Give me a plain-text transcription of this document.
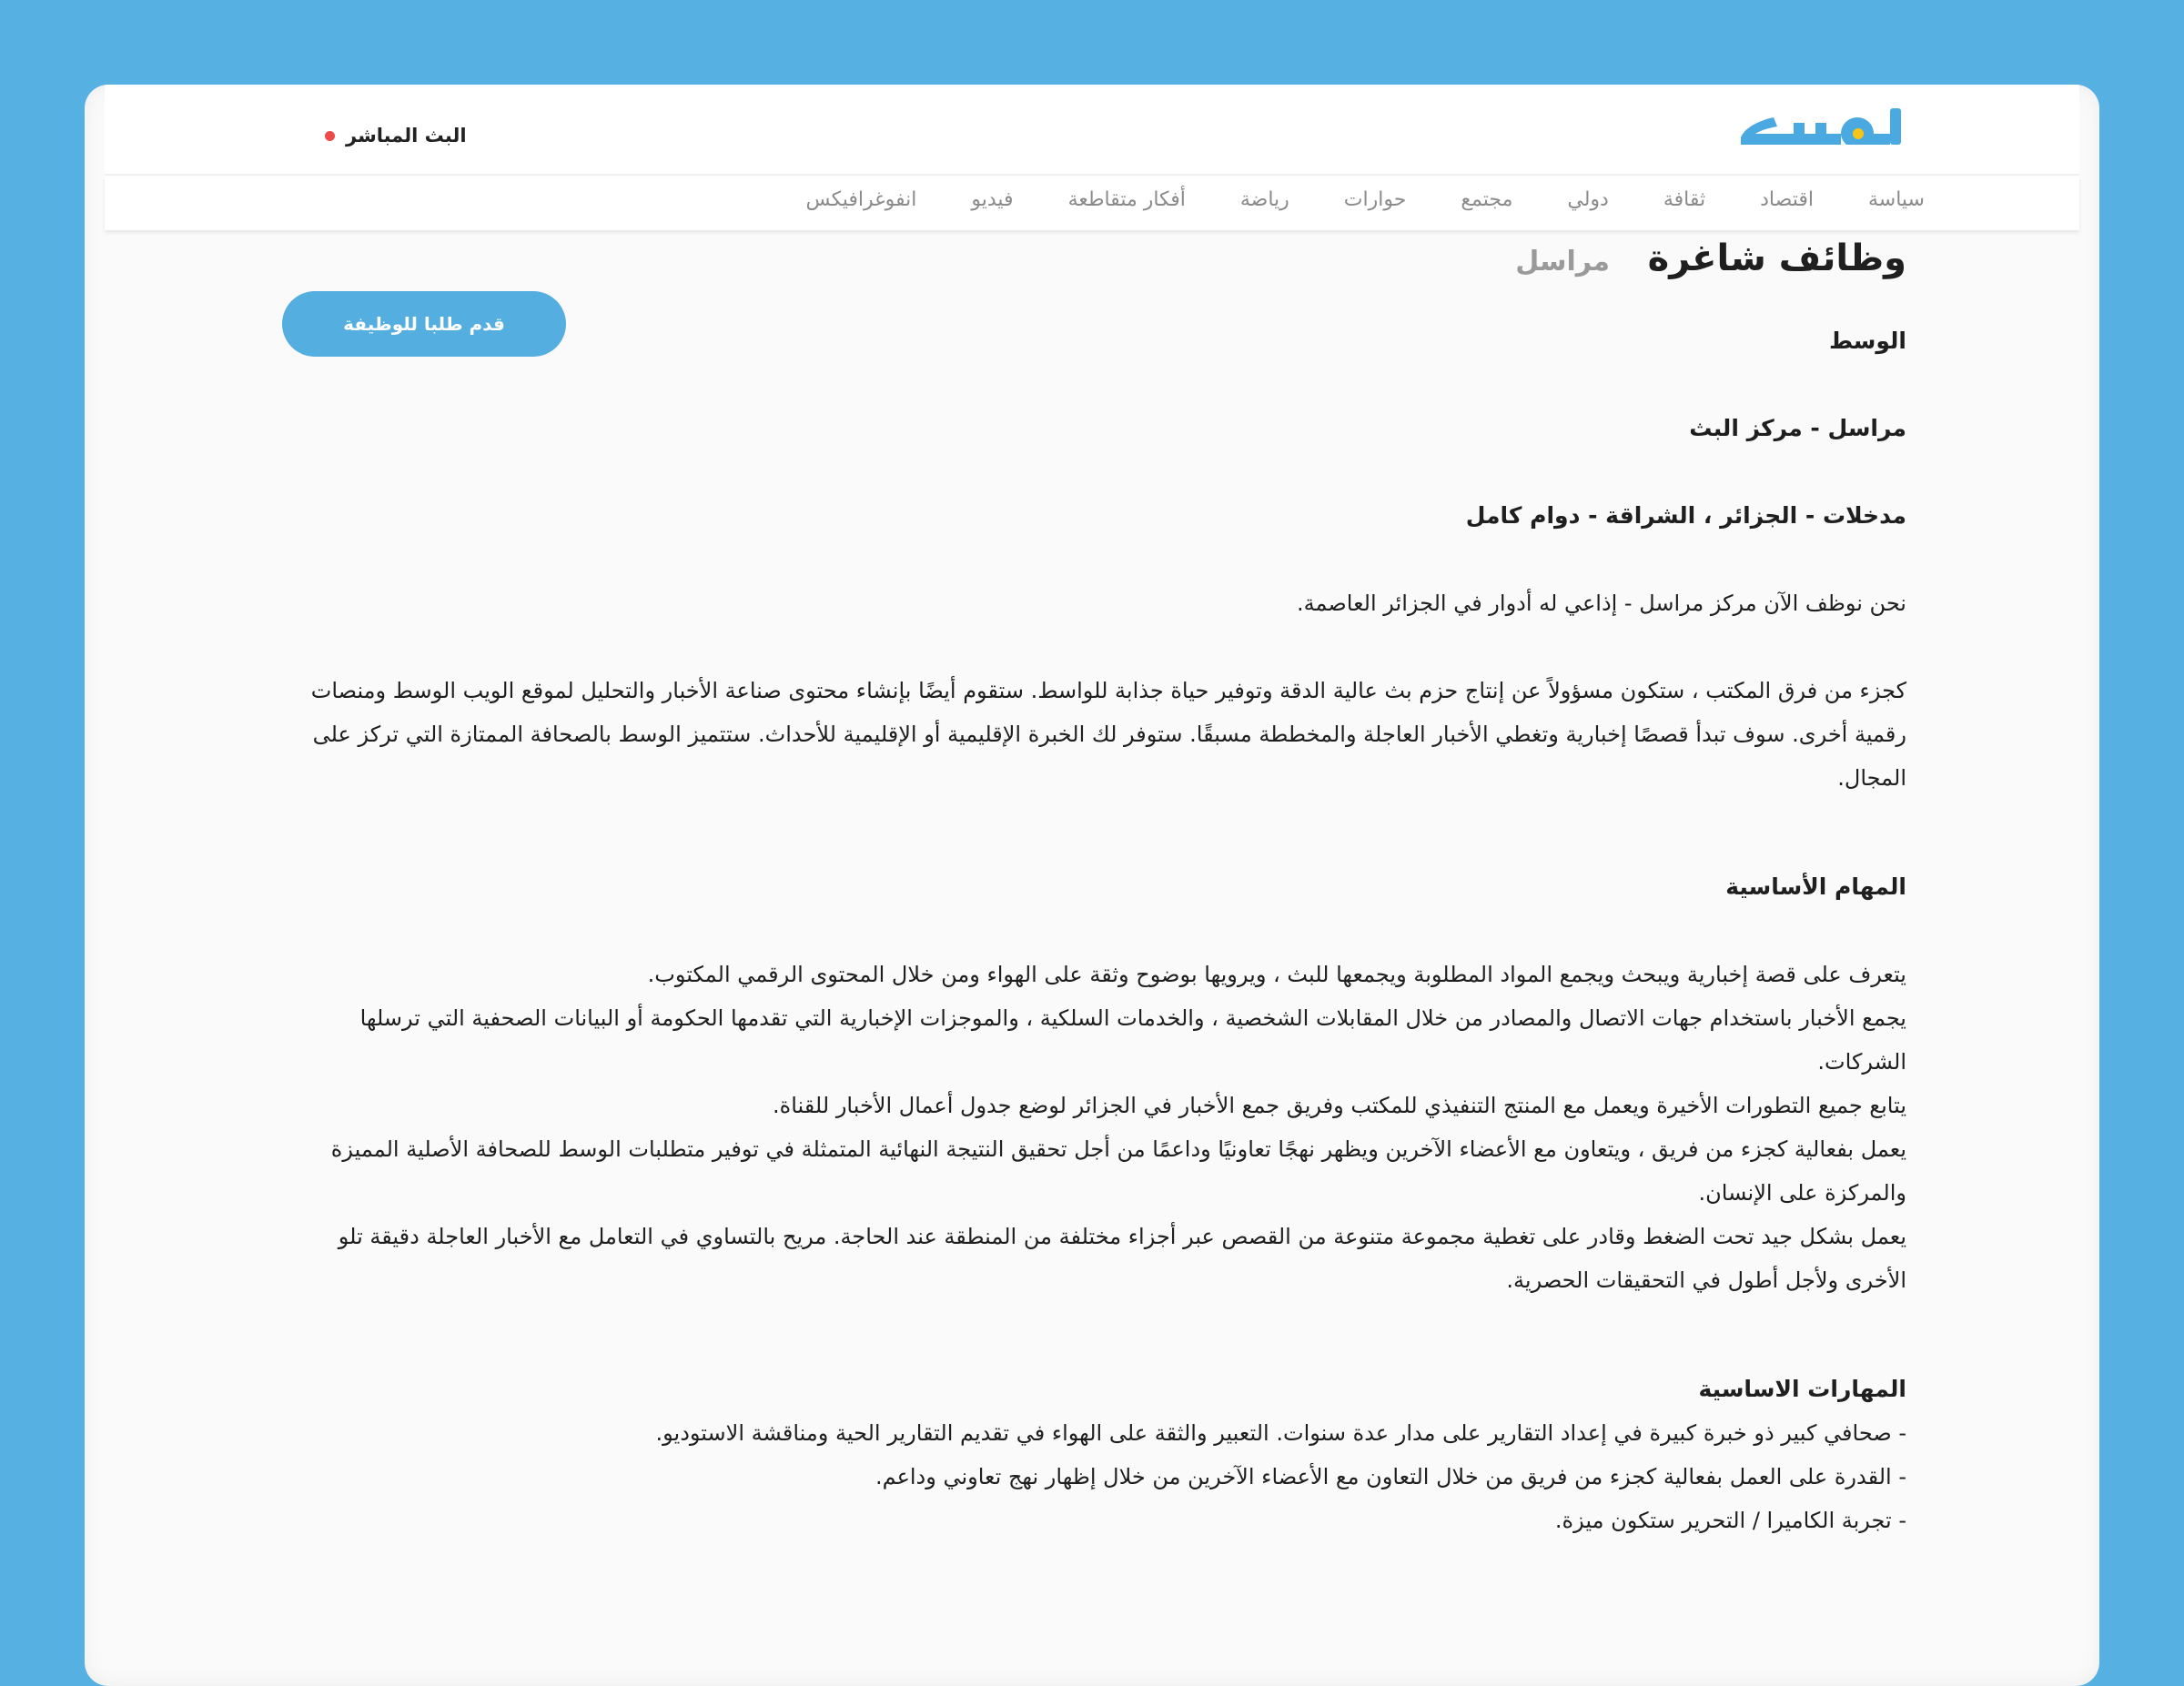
البث المباشر
سياسة
اقتصاد
ثقافة
دولي
مجتمع
حوارات
رياضة
أفكار متقاطعة
فيديو
انفوغرافيكس
وظائف شاغرة
مراسل
قدم طلبا للوظيفة

الوسط

مراسل - مركز البث

مدخلات - الجزائر ، الشراقة - دوام كامل

نحن نوظف الآن مركز مراسل - إذاعي له أدوار في الجزائر العاصمة.

كجزء من فرق المكتب ، ستكون مسؤولاً عن إنتاج حزم بث عالية الدقة وتوفير حياة جذابة للواسط. ستقوم أيضًا بإنشاء محتوى صناعة الأخبار والتحليل لموقع الويب الوسط ومنصات رقمية أخرى. سوف تبدأ قصصًا إخبارية وتغطي الأخبار العاجلة والمخططة مسبقًا. ستوفر لك الخبرة الإقليمية أو الإقليمية للأحداث. ستتميز الوسط بالصحافة الممتازة التي تركز على المجال.

المهام الأساسية

يتعرف على قصة إخبارية ويبحث ويجمع المواد المطلوبة ويجمعها للبث ، ويرويها بوضوح وثقة على الهواء ومن خلال المحتوى الرقمي المكتوب.

يجمع الأخبار باستخدام جهات الاتصال والمصادر من خلال المقابلات الشخصية ، والخدمات السلكية ، والموجزات الإخبارية التي تقدمها الحكومة أو البيانات الصحفية التي ترسلها الشركات.

يتابع جميع التطورات الأخيرة ويعمل مع المنتج التنفيذي للمكتب وفريق جمع الأخبار في الجزائر لوضع جدول أعمال الأخبار للقناة.

يعمل بفعالية كجزء من فريق ، ويتعاون مع الأعضاء الآخرين ويظهر نهجًا تعاونيًا وداعمًا من أجل تحقيق النتيجة النهائية المتمثلة في توفير متطلبات الوسط للصحافة الأصلية المميزة والمركزة على الإنسان.

يعمل بشكل جيد تحت الضغط وقادر على تغطية مجموعة متنوعة من القصص عبر أجزاء مختلفة من المنطقة عند الحاجة. مريح بالتساوي في التعامل مع الأخبار العاجلة دقيقة تلو الأخرى ولأجل أطول في التحقيقات الحصرية.

المهارات الاساسية

- صحافي كبير ذو خبرة كبيرة في إعداد التقارير على مدار عدة سنوات. التعبير والثقة على الهواء في تقديم التقارير الحية ومناقشة الاستوديو.

- القدرة على العمل بفعالية كجزء من فريق من خلال التعاون مع الأعضاء الآخرين من خلال إظهار نهج تعاوني وداعم.

- تجربة الكاميرا / التحرير ستكون ميزة.
